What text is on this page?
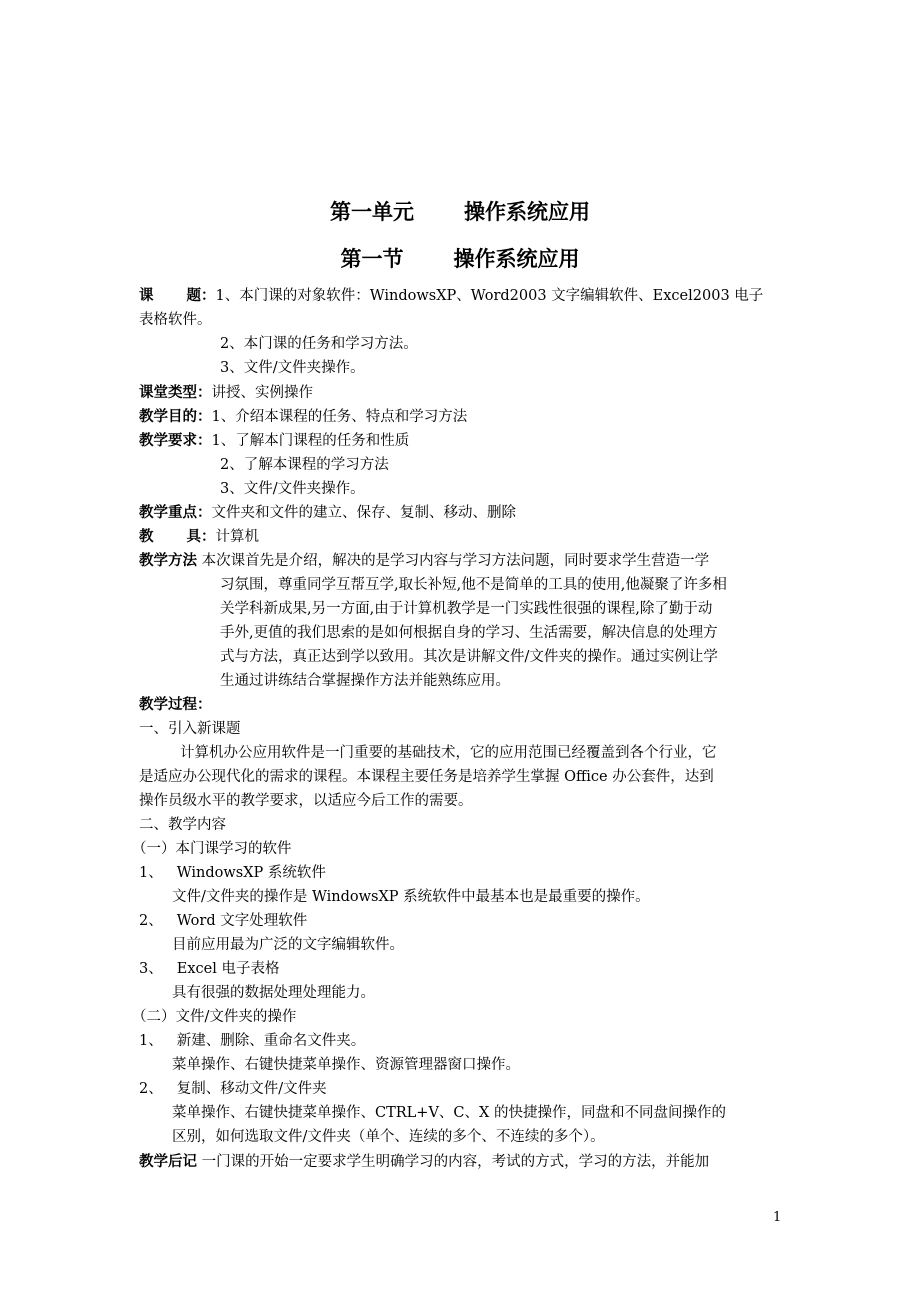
第一单元 操作系统应用
第一节 操作系统应用
课 题：1、本门课的对象软件：WindowsXP、Word2003 文字编辑软件、Excel2003 电子
表格软件。
2、本门课的任务和学习方法。
3、文件/文件夹操作。
课堂类型：讲授、实例操作
教学目的：1、介绍本课程的任务、特点和学习方法
教学要求：1、了解本门课程的任务和性质
2、了解本课程的学习方法
3、文件/文件夹操作。
教学重点：文件夹和文件的建立、保存、复制、移动、删除
教 具：计算机
教学方法 本次课首先是介绍，解决的是学习内容与学习方法问题，同时要求学生营造一学
习氛围，尊重同学互帮互学,取长补短,他不是简单的工具的使用,他凝聚了许多相
关学科新成果,另一方面,由于计算机教学是一门实践性很强的课程,除了勤于动
手外,更值的我们思索的是如何根据自身的学习、生活需要，解决信息的处理方
式与方法，真正达到学以致用。其次是讲解文件/文件夹的操作。通过实例让学
生通过讲练结合掌握操作方法并能熟练应用。
教学过程：
一、引入新课题
计算机办公应用软件是一门重要的基础技术，它的应用范围已经覆盖到各个行业，它
是适应办公现代化的需求的课程。本课程主要任务是培养学生掌握 Office 办公套件，达到
操作员级水平的教学要求，以适应今后工作的需要。
二、教学内容
（一）本门课学习的软件
1、 WindowsXP 系统软件
文件/文件夹的操作是 WindowsXP 系统软件中最基本也是最重要的操作。
2、 Word 文字处理软件
目前应用最为广泛的文字编辑软件。
3、 Excel 电子表格
具有很强的数据处理处理能力。
（二）文件/文件夹的操作
1、 新建、删除、重命名文件夹。
菜单操作、右键快捷菜单操作、资源管理器窗口操作。
2、 复制、移动文件/文件夹
菜单操作、右键快捷菜单操作、CTRL+V、C、X 的快捷操作，同盘和不同盘间操作的
区别，如何选取文件/文件夹（单个、连续的多个、不连续的多个）。
教学后记 一门课的开始一定要求学生明确学习的内容，考试的方式，学习的方法，并能加
1
